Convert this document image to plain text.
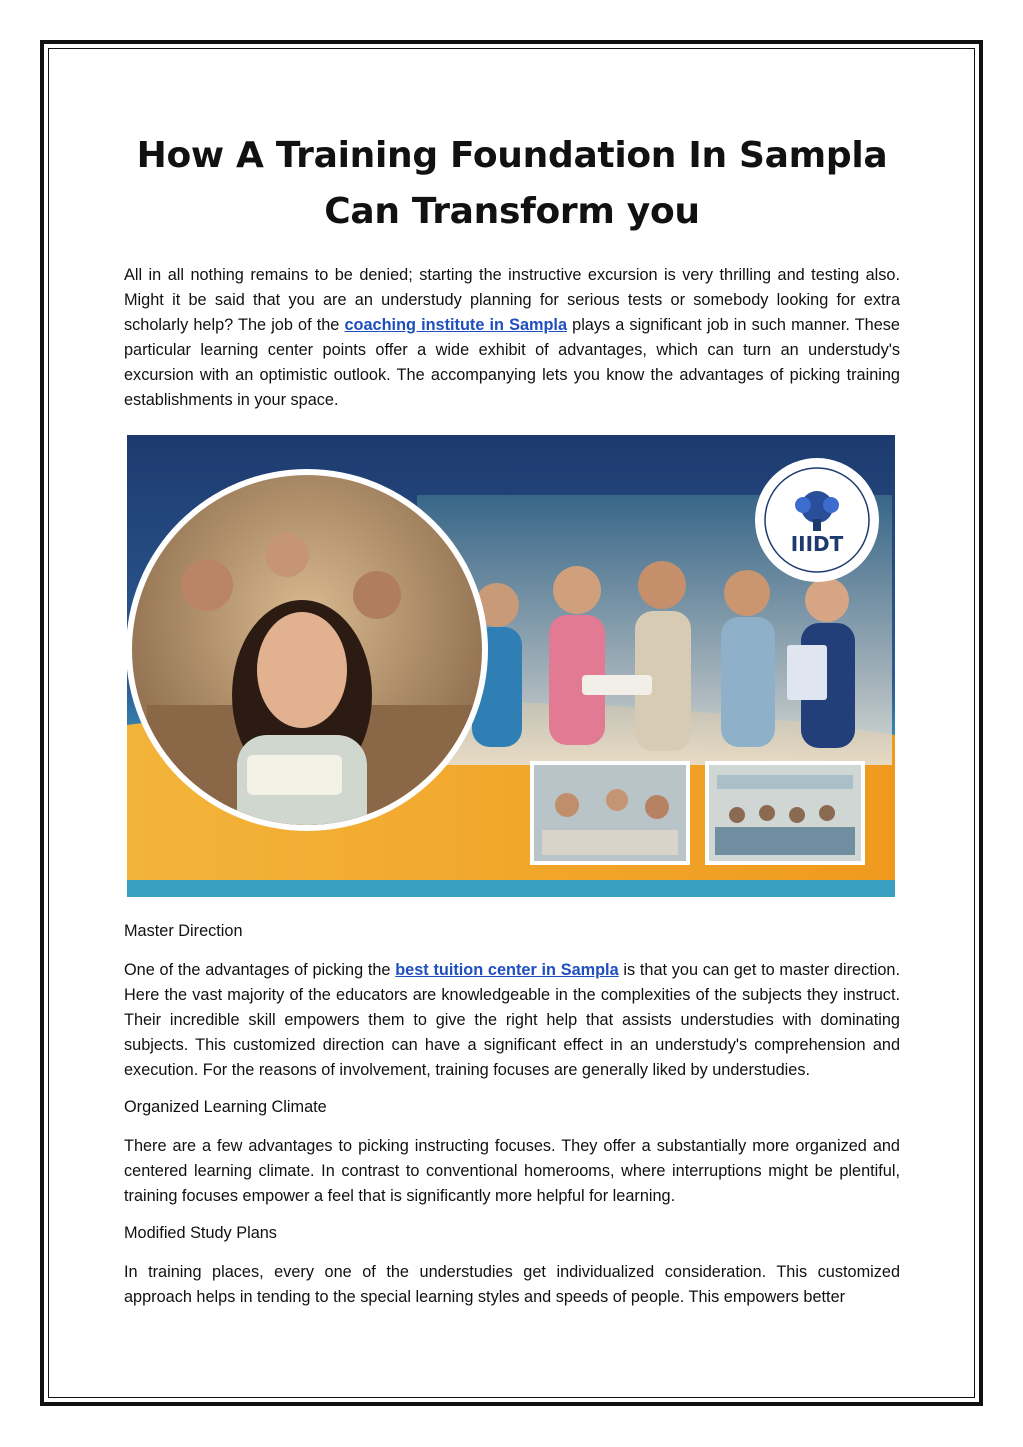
How A Training Foundation In Sampla Can Transform you

All in all nothing remains to be denied; starting the instructive excursion is very thrilling and testing also. Might it be said that you are an understudy planning for serious tests or somebody looking for extra scholarly help? The job of the coaching institute in Sampla plays a significant job in such manner. These particular learning center points offer a wide exhibit of advantages, which can turn an understudy's excursion with an optimistic outlook. The accompanying lets you know the advantages of picking training establishments in your space.

IIIDT

Master Direction

One of the advantages of picking the best tuition center in Sampla is that you can get to master direction. Here the vast majority of the educators are knowledgeable in the complexities of the subjects they instruct. Their incredible skill empowers them to give the right help that assists understudies with dominating subjects. This customized direction can have a significant effect in an understudy's comprehension and execution. For the reasons of involvement, training focuses are generally liked by understudies.

Organized Learning Climate

There are a few advantages to picking instructing focuses. They offer a substantially more organized and centered learning climate. In contrast to conventional homerooms, where interruptions might be plentiful, training focuses empower a feel that is significantly more helpful for learning.

Modified Study Plans

In training places, every one of the understudies get individualized consideration. This customized approach helps in tending to the special learning styles and speeds of people. This empowers better
